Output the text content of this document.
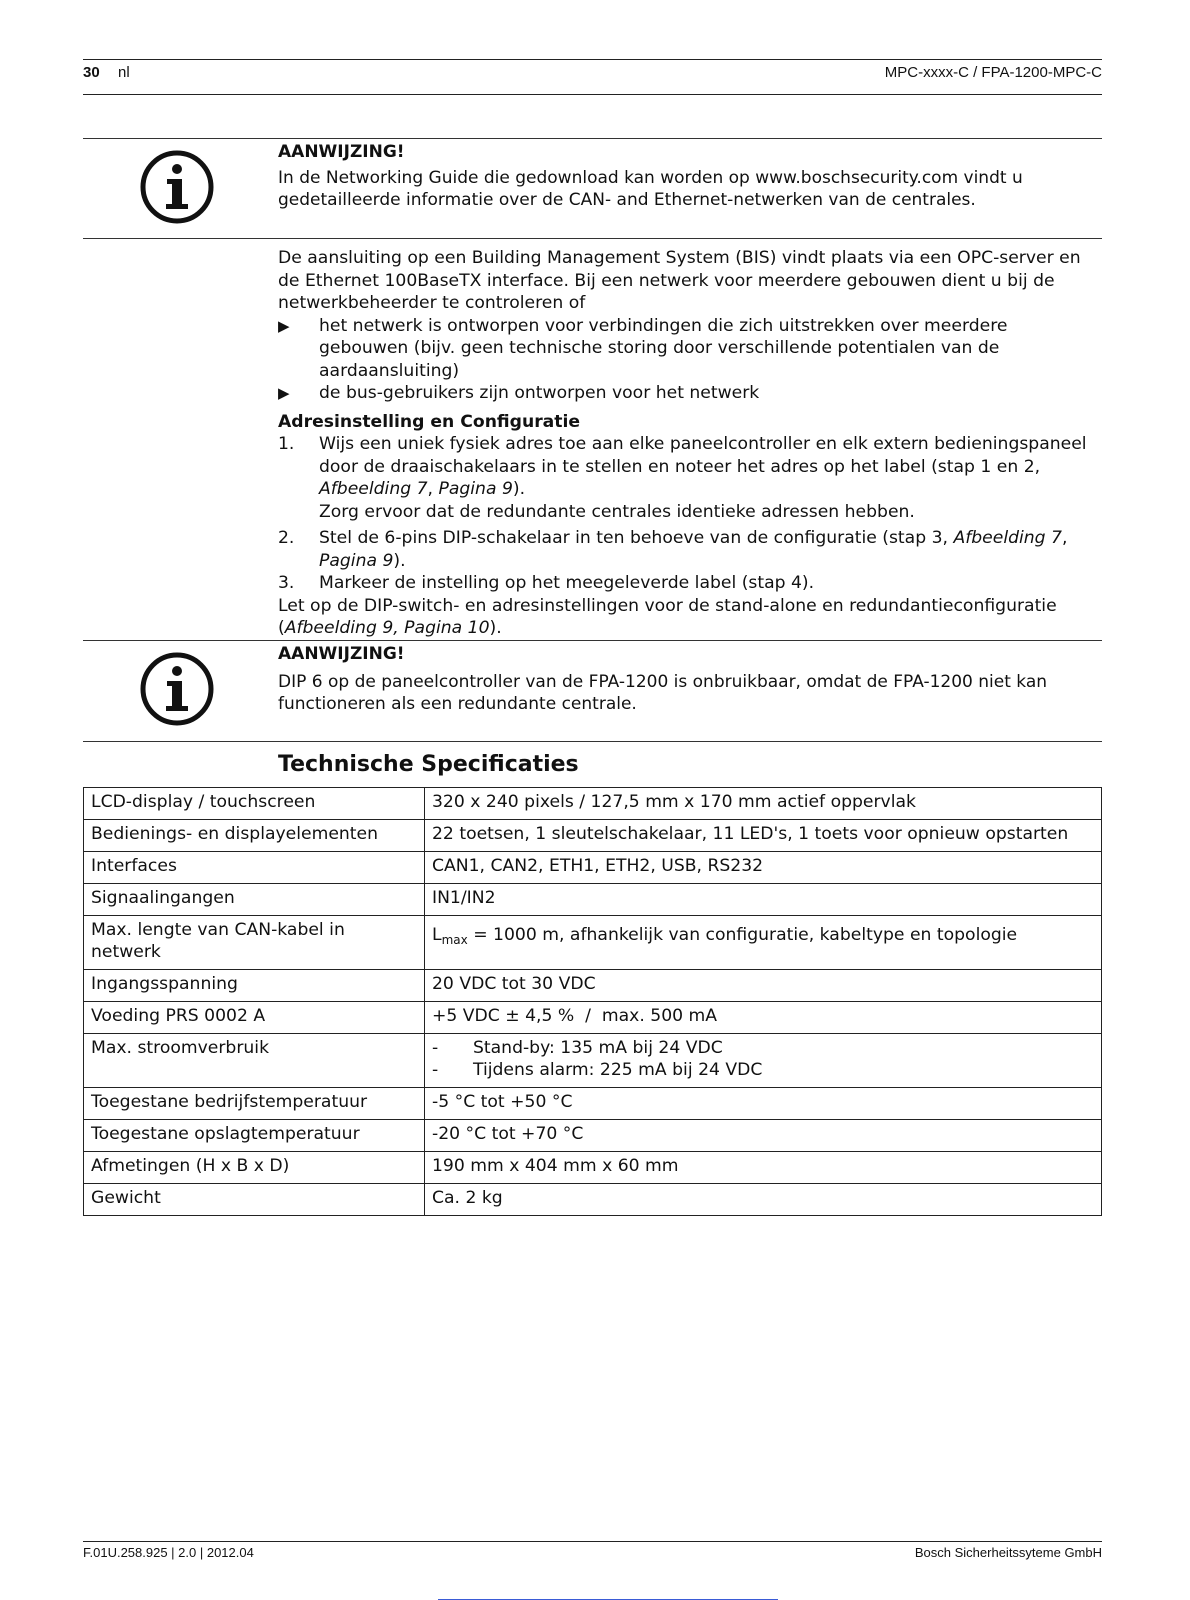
30 nl	MPC-xxxx-C / FPA-1200-MPC-C
AANWIJZING!
In de Networking Guide die gedownload kan worden op www.boschsecurity.com vindt u
gedetailleerde informatie over de CAN- and Ethernet-netwerken van de centrales.

De aansluiting op een Building Management System (BIS) vindt plaats via een OPC-server en

de Ethernet 100BaseTX interface. Bij een netwerk voor meerdere gebouwen dient u bij de

netwerkbeheerder te controleren of

▶ het netwerk is ontworpen voor verbindingen die zich uitstrekken over meerdere gebouwen (bijv. geen technische storing door verschillende potentialen van de aardaansluiting)
▶ de bus-gebruikers zijn ontworpen voor het netwerk
Adresinstelling en Configuratie
1. Wijs een uniek fysiek adres toe aan elke paneelcontroller en elk extern bedieningspaneel door de draaischakelaars in te stellen en noteer het adres op het label (stap 1 en 2, Afbeelding 7, Pagina 9).
Zorg ervoor dat de redundante centrales identieke adressen hebben.
2. Stel de 6-pins DIP-schakelaar in ten behoeve van de configuratie (stap 3, Afbeelding 7, Pagina 9).
3. Markeer de instelling op het meegeleverde label (stap 4).

Let op de DIP-switch- en adresinstellingen voor de stand-alone en redundantieconfiguratie (Afbeelding 9, Pagina 10).

AANWIJZING!
DIP 6 op de paneelcontroller van de FPA-1200 is onbruikbaar, omdat de FPA-1200 niet kan
functioneren als een redundante centrale.
Technische Specificaties
LCD-display / touchscreen	320 x 240 pixels / 127,5 mm x 170 mm actief oppervlak
Bedienings- en displayelementen	22 toetsen, 1 sleutelschakelaar, 11 LED's, 1 toets voor opnieuw opstarten
Interfaces	CAN1, CAN2, ETH1, ETH2, USB, RS232
Signaalingangen	IN1/IN2
Max. lengte van CAN-kabel in netwerk	$L_{max} = 1000$ m, afhankelijk van configuratie, kabeltype en topologie
Ingangsspanning	20 VDC tot 30 VDC
Voeding PRS 0002 A	+5 VDC ± 4,5 %  /  max. 500 mA
Max. stroomverbruik	- Stand-by: 135 mA bij 24 VDC
- Tijdens alarm: 225 mA bij 24 VDC

Toegestane bedrijfstemperatuur	-5 °C tot +50 °C
Toegestane opslagtemperatuur	-20 °C tot +70 °C
Afmetingen (H x B x D)	190 mm x 404 mm x 60 mm
Gewicht	Ca. 2 kg
F.01U.258.925 | 2.0 | 2012.04	Bosch Sicherheitssyteme GmbH
